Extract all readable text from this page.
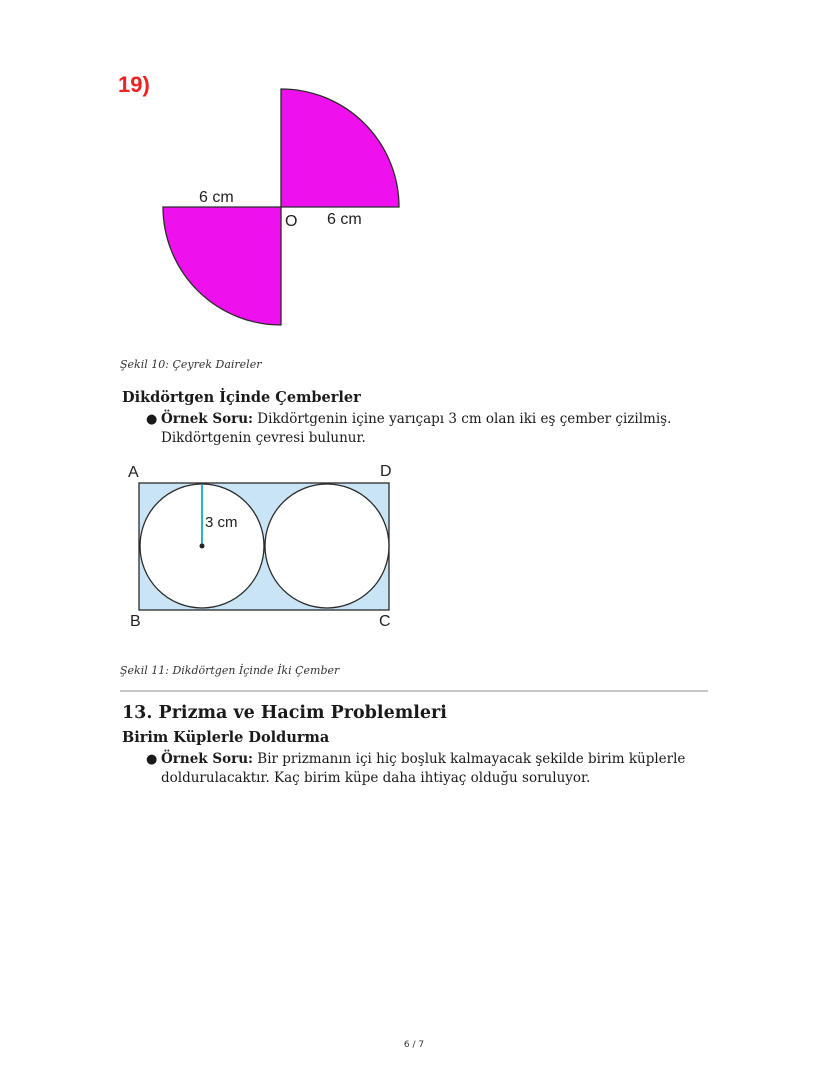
19)
6 cm
O 6 cm
Şekil 10: Çeyrek Daireler
Dikdörtgen İçinde Çemberler
● Örnek Soru: Dikdörtgenin içine yarıçapı 3 cm olan iki eş çember çizilmiş.
Dikdörtgenin çevresi bulunur.
3 cm
A	D
B	C
Şekil 11: Dikdörtgen İçinde İki Çember
13. Prizma ve Hacim Problemleri
Birim Küplerle Doldurma
● Örnek Soru: Bir prizmanın içi hiç boşluk kalmayacak şekilde birim küplerle
doldurulacaktır. Kaç birim küpe daha ihtiyaç olduğu soruluyor.
6 / 7
